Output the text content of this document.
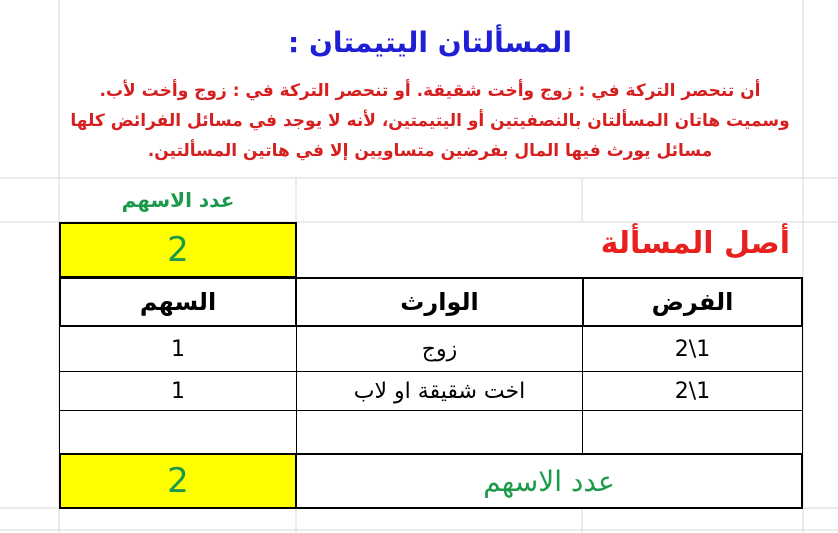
المسألتان اليتيمتان :
أن تنحصر التركة في : زوج وأخت شقيقة. أو تنحصر التركة في : زوج وأخت لأب.
وسميت هاتان المسألتان بالنصفيتين أو اليتيمتين، لأنه لا يوجد في مسائل الفرائض كلها
مسائل يورث فيها المال بفرضين متساويين إلا في هاتين المسألتين.
عدد الاسهم
2	أصل المسألة
الفرض
الوارث
السهم
1\2
زوج
1
1\2
اخت شقيقة او لاب
1
عدد الاسهم
2
